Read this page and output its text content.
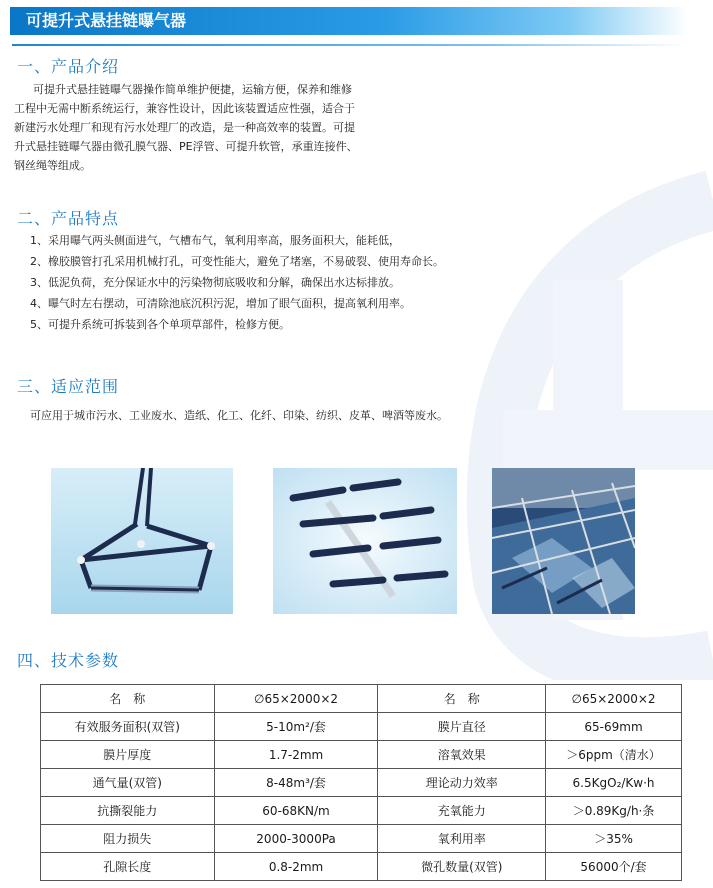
可提升式悬挂链曝气器
一、产品介绍
可提升式悬挂链曝气器操作简单维护便捷，运输方便，保养和维修
工程中无需中断系统运行，兼容性设计，因此该装置适应性强，适合于
新建污水处理厂和现有污水处理厂的改造，是一种高效率的装置。可提
升式悬挂链曝气器由微孔膜气器、PE浮管、可提升软管，承重连接件、
钢丝绳等组成。
二、产品特点
1、采用曝气两头侧面进气，气槽布气，氧利用率高，服务面积大，能耗低，
2、橡胶膜管打孔采用机械打孔，可变性能大，避免了堵塞，不易破裂、使用寿命长。
3、低泥负荷，充分保证水中的污染物彻底吸收和分解，确保出水达标排放。
4、曝气时左右摆动，可清除池底沉积污泥，增加了眼气面积，提高氧利用率。
5、可提升系统可拆装到各个单项草部件，检修方便。
三、适应范围
可应用于城市污水、工业废水、造纸、化工、化纤、印染、纺织、皮革、啤酒等废水。
四、技术参数
名　称	∅65×2000×2	名　称	∅65×2000×2
有效服务面积(双管)	5-10m²/套	膜片直径	65-69mm
膜片厚度	1.7-2mm	溶氧效果	＞6ppm（清水）
通气量(双管)	8-48m³/套	理论动力效率	6.5KgO₂/Kw·h
抗撕裂能力	60-68KN/m	充氧能力	＞0.89Kg/h·条
阻力损失	2000-3000Pa	氧利用率	＞35%
孔隙长度	0.8-2mm	微孔数量(双管)	56000个/套
